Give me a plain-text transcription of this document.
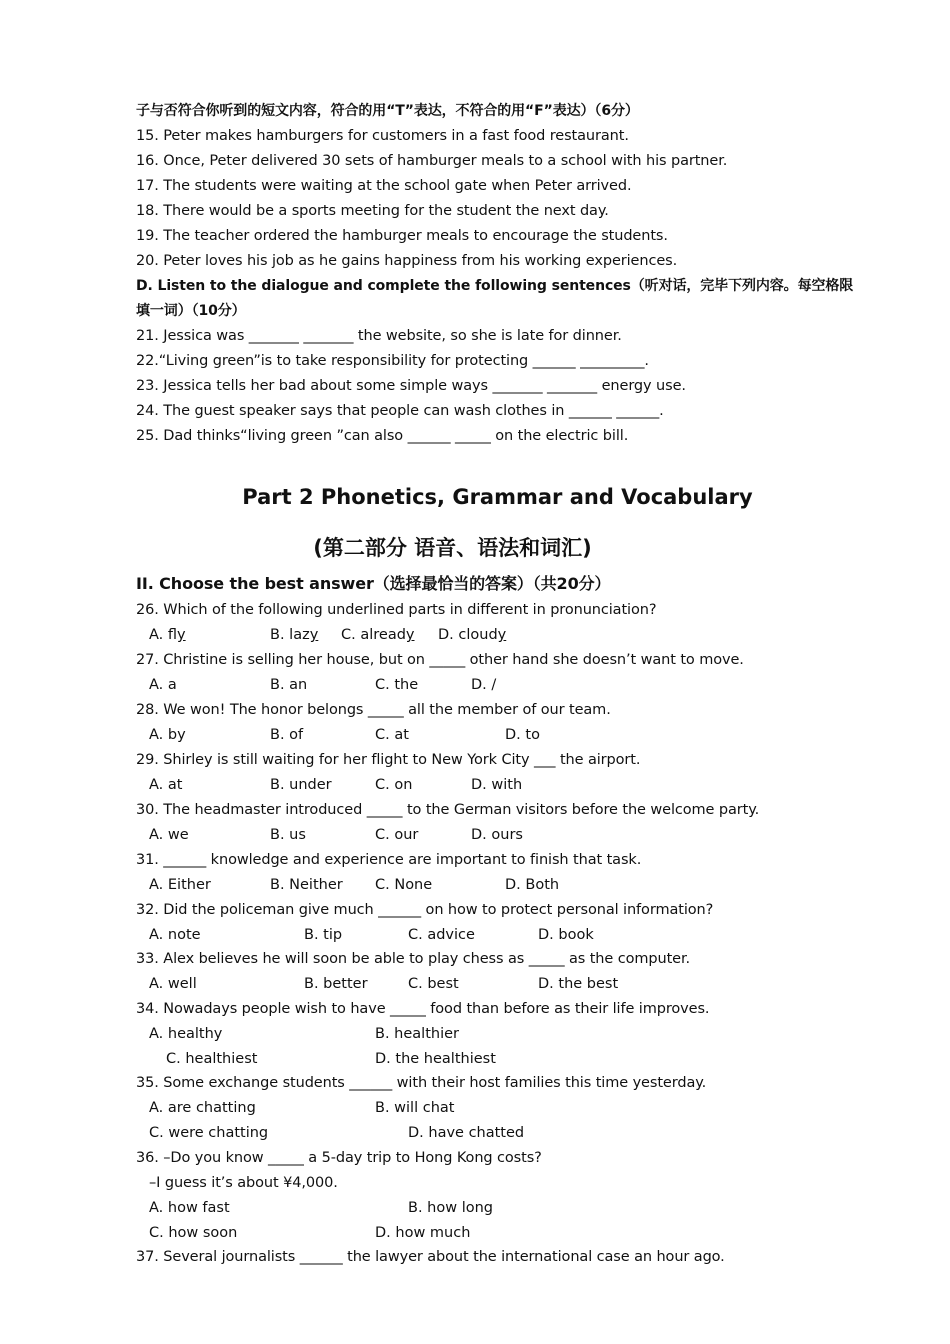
子与否符合你听到的短文内容，符合的用“T”表达，不符合的用“F”表达）（6分）
15. Peter makes hamburgers for customers in a fast food restaurant.
16. Once, Peter delivered 30 sets of hamburger meals to a school with his partner.
17. The students were waiting at the school gate when Peter arrived.
18. There would be a sports meeting for the student the next day.
19. The teacher ordered the hamburger meals to encourage the students.
20. Peter loves his job as he gains happiness from his working experiences.
D. Listen to the dialogue and complete the following sentences（听对话，完毕下列内容。每空格限
填一词）（10分）
21. Jessica was _______ _______ the website, so she is late for dinner.
22.“Living green”is to take responsibility for protecting ______ _________.
23. Jessica tells her bad about some simple ways _______ _______ energy use.
24. The guest speaker says that people can wash clothes in ______ ______.
25. Dad thinks“living green ”can also ______ _____ on the electric bill.
Part 2 Phonetics, Grammar and Vocabulary
(第二部分 语音、语法和词汇)
II. Choose the best answer（选择最恰当的答案）（共20分）
26. Which of the following underlined parts in different in pronunciation?
A. fly	B. lazy C. already D. cloudy
27. Christine is selling her house, but on _____ other hand she doesn’t want to move.
A. a	B. an	C. the	D. /
28. We won! The honor belongs _____ all the member of our team.
A. by	B. of	C. at	D. to
29. Shirley is still waiting for her flight to New York City ___ the airport.
A. at	B. under	C. on	D. with
30. The headmaster introduced _____ to the German visitors before the welcome party.
A. we	B. us	C. our	D. ours
31. ______ knowledge and experience are important to finish that task.
A. Either	B. Neither C. None	D. Both
32. Did the policeman give much ______ on how to protect personal information?
A. note	B. tip	C. advice	D. book
33. Alex believes he will soon be able to play chess as _____ as the computer.
A. well	B. better	C. best	D. the best
34. Nowadays people wish to have _____ food than before as their life improves.
A. healthy	B. healthier
C. healthiest	D. the healthiest
35. Some exchange students ______ with their host families this time yesterday.
A. are chatting	B. will chat
C. were chatting	D. have chatted
36. –Do you know _____ a 5-day trip to Hong Kong costs?
–I guess it’s about ¥4,000.
A. how fast	B. how long
C. how soon	D. how much
37. Several journalists ______ the lawyer about the international case an hour ago.
